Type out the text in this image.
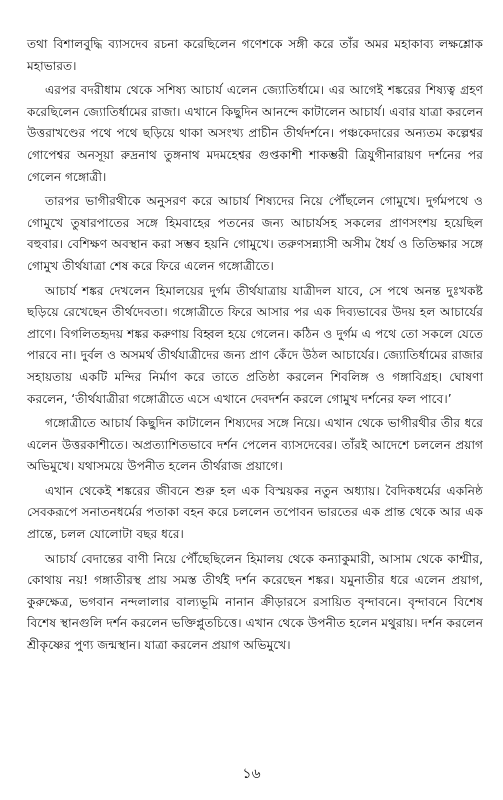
তথা বিশালবুদ্ধি ব্যাসদেব রচনা করেছিলেন গণেশকে সঙ্গী করে তাঁর অমর মহাকাব্য লক্ষশ্লোক মহাভারত।

এরপর বদরীধাম থেকে সশিষ্য আচার্য এলেন জ্যোতির্ধামে। এর আগেই শঙ্করের শিষ্যত্ব গ্রহণ করেছিলেন জ্যোতির্ধামের রাজা। এখানে কিছুদিন আনন্দে কাটালেন আচার্য। এবার যাত্রা করলেন উত্তরাখণ্ডের পথে পথে ছড়িয়ে থাকা অসংখ্য প্রাচীন তীর্থদর্শনে। পঞ্চকেদারের অন্যতম কল্পেশ্বর গোপেশ্বর অনসূয়া রুদ্রনাথ তুঙ্গনাথ মদমহেশ্বর গুপ্তকাশী শাকম্ভরী ত্রিযুগীনারায়ণ দর্শনের পর গেলেন গঙ্গোত্রী।

তারপর ভাগীরথীকে অনুসরণ করে আচার্য শিষ্যদের নিয়ে পৌঁছলেন গোমুখে। দুর্গমপথে ও গোমুখে তুষারপাতের সঙ্গে হিমবাহের পতনের জন্য আচার্যসহ সকলের প্রাণসংশয় হয়েছিল বহুবার। বেশিক্ষণ অবস্থান করা সম্ভব হয়নি গোমুখে। তরুণসন্ন্যাসী অসীম ধৈর্য ও তিতিক্ষার সঙ্গে গোমুখ তীর্থযাত্রা শেষ করে ফিরে এলেন গঙ্গোত্রীতে।

আচার্য শঙ্কর দেখলেন হিমালয়ের দুর্গম তীর্থযাত্রায় যাত্রীদল যাবে, সে পথে অনন্ত দুঃখকষ্ট ছড়িয়ে রেখেছেন তীর্থদেবতা। গঙ্গোত্রীতে ফিরে আসার পর এক দিব্যভাবের উদয় হল আচার্যের প্রাণে। বিগলিতহৃদয় শঙ্কর করুণায় বিহ্বল হয়ে গেলেন। কঠিন ও দুর্গম এ পথে তো সকলে যেতে পারবে না। দুর্বল ও অসমর্থ তীর্থযাত্রীদের জন্য প্রাণ কেঁদে উঠল আচার্যের। জ্যোতির্ধামের রাজার সহায়তায় একটি মন্দির নির্মাণ করে তাতে প্রতিষ্ঠা করলেন শিবলিঙ্গ ও গঙ্গাবিগ্রহ। ঘোষণা করলেন, ‘তীর্থযাত্রীরা গঙ্গোত্রীতে এসে এখানে দেবদর্শন করলে গোমুখ দর্শনের ফল পাবে।’

গঙ্গোত্রীতে আচার্য কিছুদিন কাটালেন শিষ্যদের সঙ্গে নিয়ে। এখান থেকে ভাগীরথীর তীর ধরে এলেন উত্তরকাশীতে। অপ্রত্যাশিতভাবে দর্শন পেলেন ব্যাসদেবের। তাঁরই আদেশে চললেন প্রয়াগ অভিমুখে। যথাসময়ে উপনীত হলেন তীর্থরাজ প্রয়াগে।

এখান থেকেই শঙ্করের জীবনে শুরু হল এক বিস্ময়কর নতুন অধ্যায়। বৈদিকধর্মের একনিষ্ঠ সেবকরূপে সনাতনধর্মের পতাকা বহন করে চললেন তপোবন ভারতের এক প্রান্ত থেকে আর এক প্রান্তে, চলল যোলোটা বছর ধরে।

আচার্য বেদান্তের বাণী নিয়ে পৌঁছেছিলেন হিমালয় থেকে কন্যাকুমারী, আসাম থেকে কাশ্মীর, কোথায় নয়! গঙ্গাতীরস্থ প্রায় সমস্ত তীর্থই দর্শন করেছেন শঙ্কর। যমুনাতীর ধরে এলেন প্রয়াগ, কুরুক্ষেত্র, ভগবান নন্দলালার বাল্যভূমি নানান ক্রীড়ারসে রসায়িত বৃন্দাবনে। বৃন্দাবনে বিশেষ বিশেষ স্থানগুলি দর্শন করলেন ভক্তিপ্লুতচিত্তে। এখান থেকে উপনীত হলেন মথুরায়। দর্শন করলেন শ্রীকৃষ্ণের পুণ্য জন্মস্থান। যাত্রা করলেন প্রয়াগ অভিমুখে।

১৬
